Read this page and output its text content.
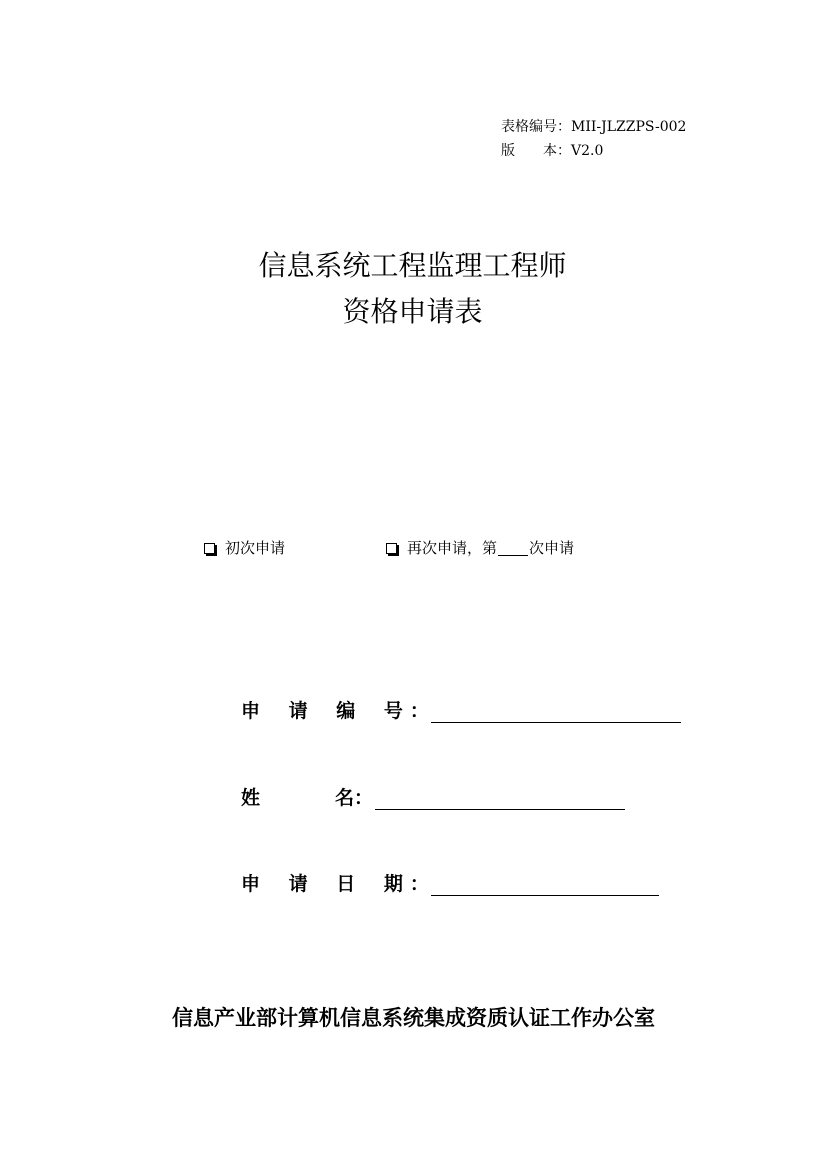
表格编号：MII-JLZZPS-002
版　　本：V2.0
信息系统工程监理工程师
资格申请表
初次申请	再次申请，第 次申请
申 请 编 号
：
姓	名 ：
申 请 日 期
：
信息产业部计算机信息系统集成资质认证工作办公室
